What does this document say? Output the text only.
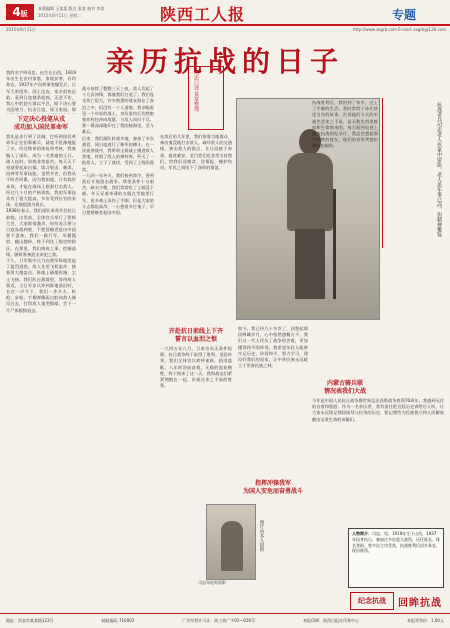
4版
本版编辑 王某某 版式 张某 校对 李某
2015年8月11日 星期二	陕西工人报	专题
2015年8月11日	http://www.sxgrb.com E-mail: sxgrb@126.com
亲历抗战的日子
司忠口述 某某整理
下定决心投笔从戎
成功加入国民革命军
我的名字叫司忠，出生在山西，1919年出生在农村家庭，家境贫寒，自幼务农。1937年卢沟桥事变爆发后，日军大举侵华，国土沦丧，家乡很快沦陷。看到日寇烧杀抢掠，无恶不作，我心中的怒火难以平息，暗下决心要为国效力，抗击日寇，保卫家园。那
我先是步行到了县城，打听到国民革命军正在招募新兵，就毫不犹豫地报了名。经过简单的体检和考核，我被编入了部队，成为一名普通的士兵。刚入伍时，训练非常艰苦，每天天不亮就要起床出操，练习射击、刺杀、投弹等军事技能。虽然辛苦，但我从不叫苦叫累，因为我知道，只有练好本领，才能在战场上狠狠打击敌人。经过几个月的严格训练，我的军事技术有了很大提高，多次受到长官的表扬，还被提拔为班长。
1938年春天，我们部队奉命开赴抗日前线。出发前，全体官兵举行了誓师大会，大家群情激昂，纷纷表示要与日寇血战到底，不把侵略者赶出中国誓不罢休。我们一路行军，风餐露宿，翻山越岭，终于到达了指定的防区。在那里，我们构筑工事，挖掘战壕，随时准备迎击来犯之敌。
不久，日军集中兵力向我军阵地发起了猛烈进攻。敌人先用飞机轰炸，接着用大炮轰击，阵地上硝烟弥漫，尘土飞扬。我们趴在战壕里，等待敌人靠近。当日军步兵冲到阵地前沿时，长官一声令下，我们一齐开火，机枪、步枪、手榴弹像雨点般向敌人倾泻过去，打得敌人鬼哭狼嚎，丢下一片尸体狼狈退去。
战斗持续了整整三天三夜，敌人发起了十几次冲锋，都被我们打退了。我们连也伤亡很大，许多熟悉的战友倒在了血泊之中，但没有一个人退缩。我亲眼看见一个年轻的战士，身负重伤后仍然抱着炸药包冲向敌群，与敌人同归于尽。那一幕深深地印在了我的脑海里，至今难忘。
后来，我们部队转战多地，参加了多次战役，同日寇进行了殊死的搏斗。在一次夜袭战中，我带领全班战士摸进敌人营地，炸毁了敌人的弹药库，歼灭了一批敌人，立下了战功，受到了上级的嘉奖。
一九四一年冬天，我们接到命令，要到敌后开展游击战争。那里条件十分艰苦，缺衣少粮，我们常常吃了上顿没下顿，冬天穿着单薄的衣服在雪地里行军，很多战士冻伤了手脚。但是大家的斗志都很高昂，一心想着多打鬼子，早日把侵略者赶出中国。
在敌后的几年里，我们依靠当地群众，神出鬼没地打击敌人，破坏敌人的交通线，袭击敌人的据点，让日寇疲于奔命，寝食难安。老百姓们也非常支持我们，给我们送粮食、送情报，掩护伤员，军民之间结下了深厚的情谊。	抗战老兵司忠老人在家中留影，老人虽年事已高，但精神矍铄
开赴抗日前线上下齐
誓言以血泪之恨
一九四五年八月，日本宣布无条件投降，抗日战争终于取得了胜利。消息传来，我们全体官兵欢呼雀跃，热泪盈眶。八年的浴血奋战，无数的流血牺牲，终于换来了这一天。我和战友们紧紧拥抱在一起，庆祝这来之不易的胜利。
如今，我已经九十多岁了，回想起那段峥嵘岁月，心中依然感慨万千。我们这一代人经历了战争的苦难，更加懂得和平的珍贵。我希望年轻人能够牢记历史，珍爱和平，努力学习，建设好我们的国家，让中华民族永远屹立于世界民族之林。
指挥冲锋我军
为国人安危而奋勇战斗
抗战胜利后，我回到了家乡，过上了平静的生活。我时常给子孙们讲述当年的故事，告诉他们今天的幸福生活来之不易，是无数先烈用鲜血和生命换来的。每当看到电视上播放抗战的纪录片，我总会想起那些牺牲的战友，他们的音容笑貌仿佛就在眼前。
内蒙古骑兵联
情况表我们大战
今年是中国人民抗日战争暨世界反法西斯战争胜利70周年，我感到无比的自豪和欣慰。作为一名亲历者，我有责任把这段历史讲给后人听，让大家永远铭记那段屈辱与抗争的历史，铭记那些为民族独立和人民解放献出宝贵生命的英雄们。
司忠年轻时留影
图片由本人提供	人物简介：司忠，男，1919年生于山西，1937年投身抗日，参加过多次重大战役，历任班长、排长等职，曾多次立功受奖，抗战胜利后回乡务农，现居陕西。
纪念抗战	回眸抗战
地址：西安市某某路123号	邮政编码 710003	广告经营许可证：陕工商广字01—016号	本报印刷：陕西日报社印务中心	本报零售价：1.00元
